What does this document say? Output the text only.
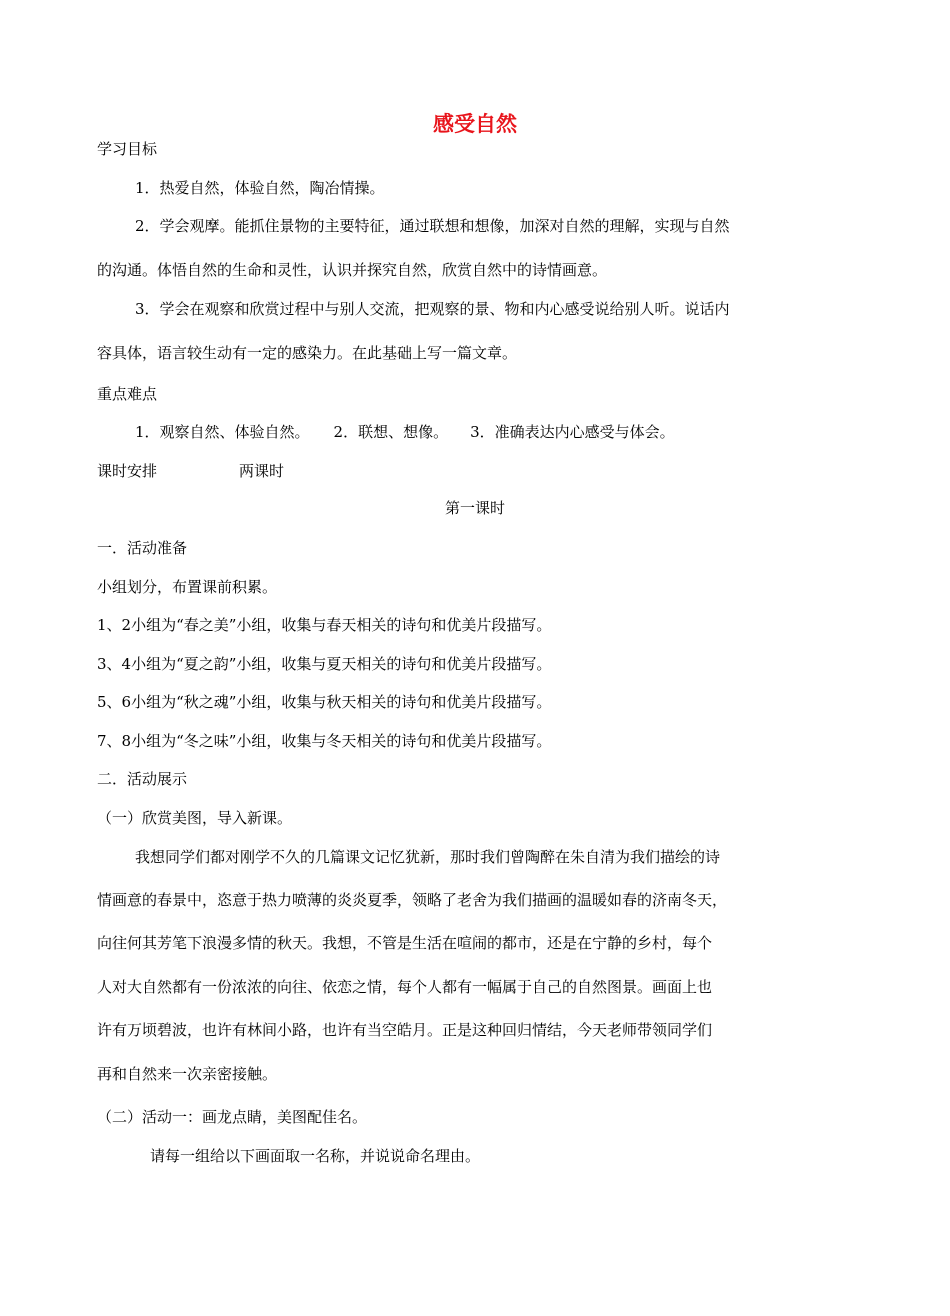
感受自然
学习目标
1．热爱自然，体验自然，陶冶情操。
2．学会观摩。能抓住景物的主要特征，通过联想和想像，加深对自然的理解，实现与自然
的沟通。体悟自然的生命和灵性，认识并探究自然，欣赏自然中的诗情画意。
3．学会在观察和欣赏过程中与别人交流，把观察的景、物和内心感受说给别人听。说话内
容具体，语言较生动有一定的感染力。在此基础上写一篇文章。
重点难点
1．观察自然、体验自然。 2．联想、想像。 3．准确表达内心感受与体会。
课时安排	两课时
第一课时
一．活动准备
小组划分，布置课前积累。
1、2小组为“春之美”小组，收集与春天相关的诗句和优美片段描写。
3、4小组为“夏之韵”小组，收集与夏天相关的诗句和优美片段描写。
5、6小组为“秋之魂”小组，收集与秋天相关的诗句和优美片段描写。
7、8小组为“冬之味”小组，收集与冬天相关的诗句和优美片段描写。
二．活动展示
（一）欣赏美图，导入新课。
我想同学们都对刚学不久的几篇课文记忆犹新，那时我们曾陶醉在朱自清为我们描绘的诗
情画意的春景中，恣意于热力喷薄的炎炎夏季，领略了老舍为我们描画的温暖如春的济南冬天，
向往何其芳笔下浪漫多情的秋天。我想，不管是生活在喧闹的都市，还是在宁静的乡村，每个
人对大自然都有一份浓浓的向往、依恋之情，每个人都有一幅属于自己的自然图景。画面上也
许有万顷碧波，也许有林间小路，也许有当空皓月。正是这种回归情结，今天老师带领同学们
再和自然来一次亲密接触。
（二）活动一：画龙点睛，美图配佳名。
请每一组给以下画面取一名称，并说说命名理由。
